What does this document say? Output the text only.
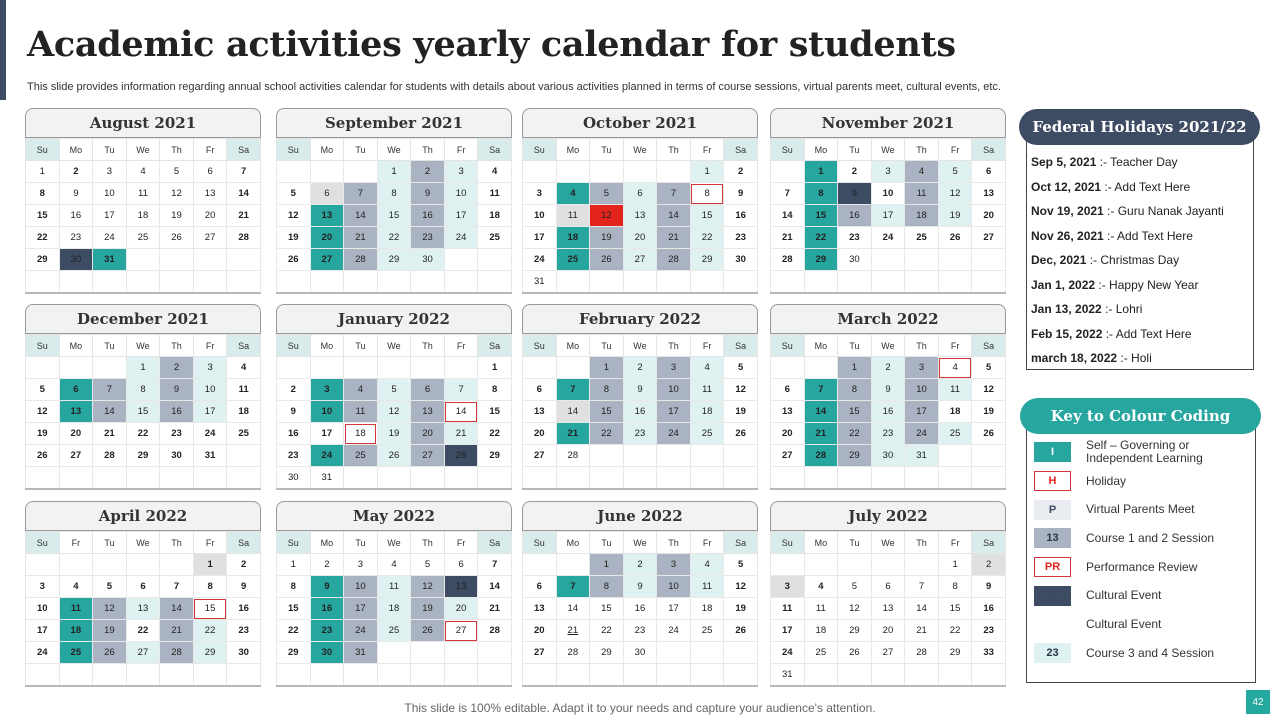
Academic activities yearly calendar for students

This slide provides information regarding annual school activities calendar for students with details about various activities planned in terms of course sessions, virtual parents meet, cultural events, etc.

August 2021
Su	Mo	Tu	We	Th	Fr	Sa
1	2	3	4	5	6	7
8	9	10	11	12	13	14
15	16	17	18	19	20	21
22	23	24	25	26	27	28
29	30	31				

September 2021
Su	Mo	Tu	We	Th	Fr	Sa
			1	2	3	4
5	6	7	8	9	10	11
12	13	14	15	16	17	18
19	20	21	22	23	24	25
26	27	28	29	30		

October 2021
Su	Mo	Tu	We	Th	Fr	Sa
					1	2
3	4	5	6	7	8	9
10	11	12	13	14	15	16
17	18	19	20	21	22	23
24	25	26	27	28	29	30
31						
November 2021
Su	Mo	Tu	We	Th	Fr	Sa
	1	2	3	4	5	6
7	8	9	10	11	12	13
14	15	16	17	18	19	20
21	22	23	24	25	26	27
28	29	30				

December 2021
Su	Mo	Tu	We	Th	Fr	Sa
			1	2	3	4
5	6	7	8	9	10	11
12	13	14	15	16	17	18
19	20	21	22	23	24	25
26	27	28	29	30	31	

January 2022
Su	Mo	Tu	We	Th	Fr	Sa
						1
2	3	4	5	6	7	8
9	10	11	12	13	14	15
16	17	18	19	20	21	22
23	24	25	26	27	28	29
30	31					
February 2022
Su	Mo	Tu	We	Th	Fr	Sa
		1	2	3	4	5
6	7	8	9	10	11	12
13	14	15	16	17	18	19
20	21	22	23	24	25	26
27	28					

March 2022
Su	Mo	Tu	We	Th	Fr	Sa
		1	2	3	4	5
6	7	8	9	10	11	12
13	14	15	16	17	18	19
20	21	22	23	24	25	26
27	28	29	30	31		

April 2022
Su	Fr	Tu	We	Th	Fr	Sa
					1	2
3	4	5	6	7	8	9
10	11	12	13	14	15	16
17	18	19	22	21	22	23
24	25	26	27	28	29	30

May 2022
Su	Mo	Tu	We	Th	Fr	Sa
1	2	3	4	5	6	7
8	9	10	11	12	13	14
15	16	17	18	19	20	21
22	23	24	25	26	27	28
29	30	31				

June 2022
Su	Mo	Tu	We	Th	Fr	Sa
		1	2	3	4	5
6	7	8	9	10	11	12
13	14	15	16	17	18	19
20	21	22	23	24	25	26
27	28	29	30			

July 2022
Su	Mo	Tu	We	Th	Fr	Sa
					1	2
3	4	5	6	7	8	9
11	11	12	13	14	15	16
17	18	29	20	21	22	23
24	25	26	27	28	29	33
31						
Federal Holidays 2021/22
Sep 5, 2021 :- Teacher Day
Oct 12, 2021 :- Add Text Here
Nov 19, 2021 :- Guru Nanak Jayanti
Nov 26, 2021 :- Add Text Here
Dec, 2021 :- Christmas Day
Jan 1, 2022 :- Happy New Year
Jan 13, 2022 :- Lohri
Feb 15, 2022 :- Add Text Here
march 18, 2022 :- Holi
Key to Colour Coding
I	Self – Governing or Independent Learning
H	Holiday
P	Virtual Parents Meet
13	Course 1 and 2 Session
PR	Performance Review
C	Cultural Event
Cultural Event
23	Course 3 and 4 Session
This slide is 100% editable. Adapt it to your needs and capture your audience's attention.	42
